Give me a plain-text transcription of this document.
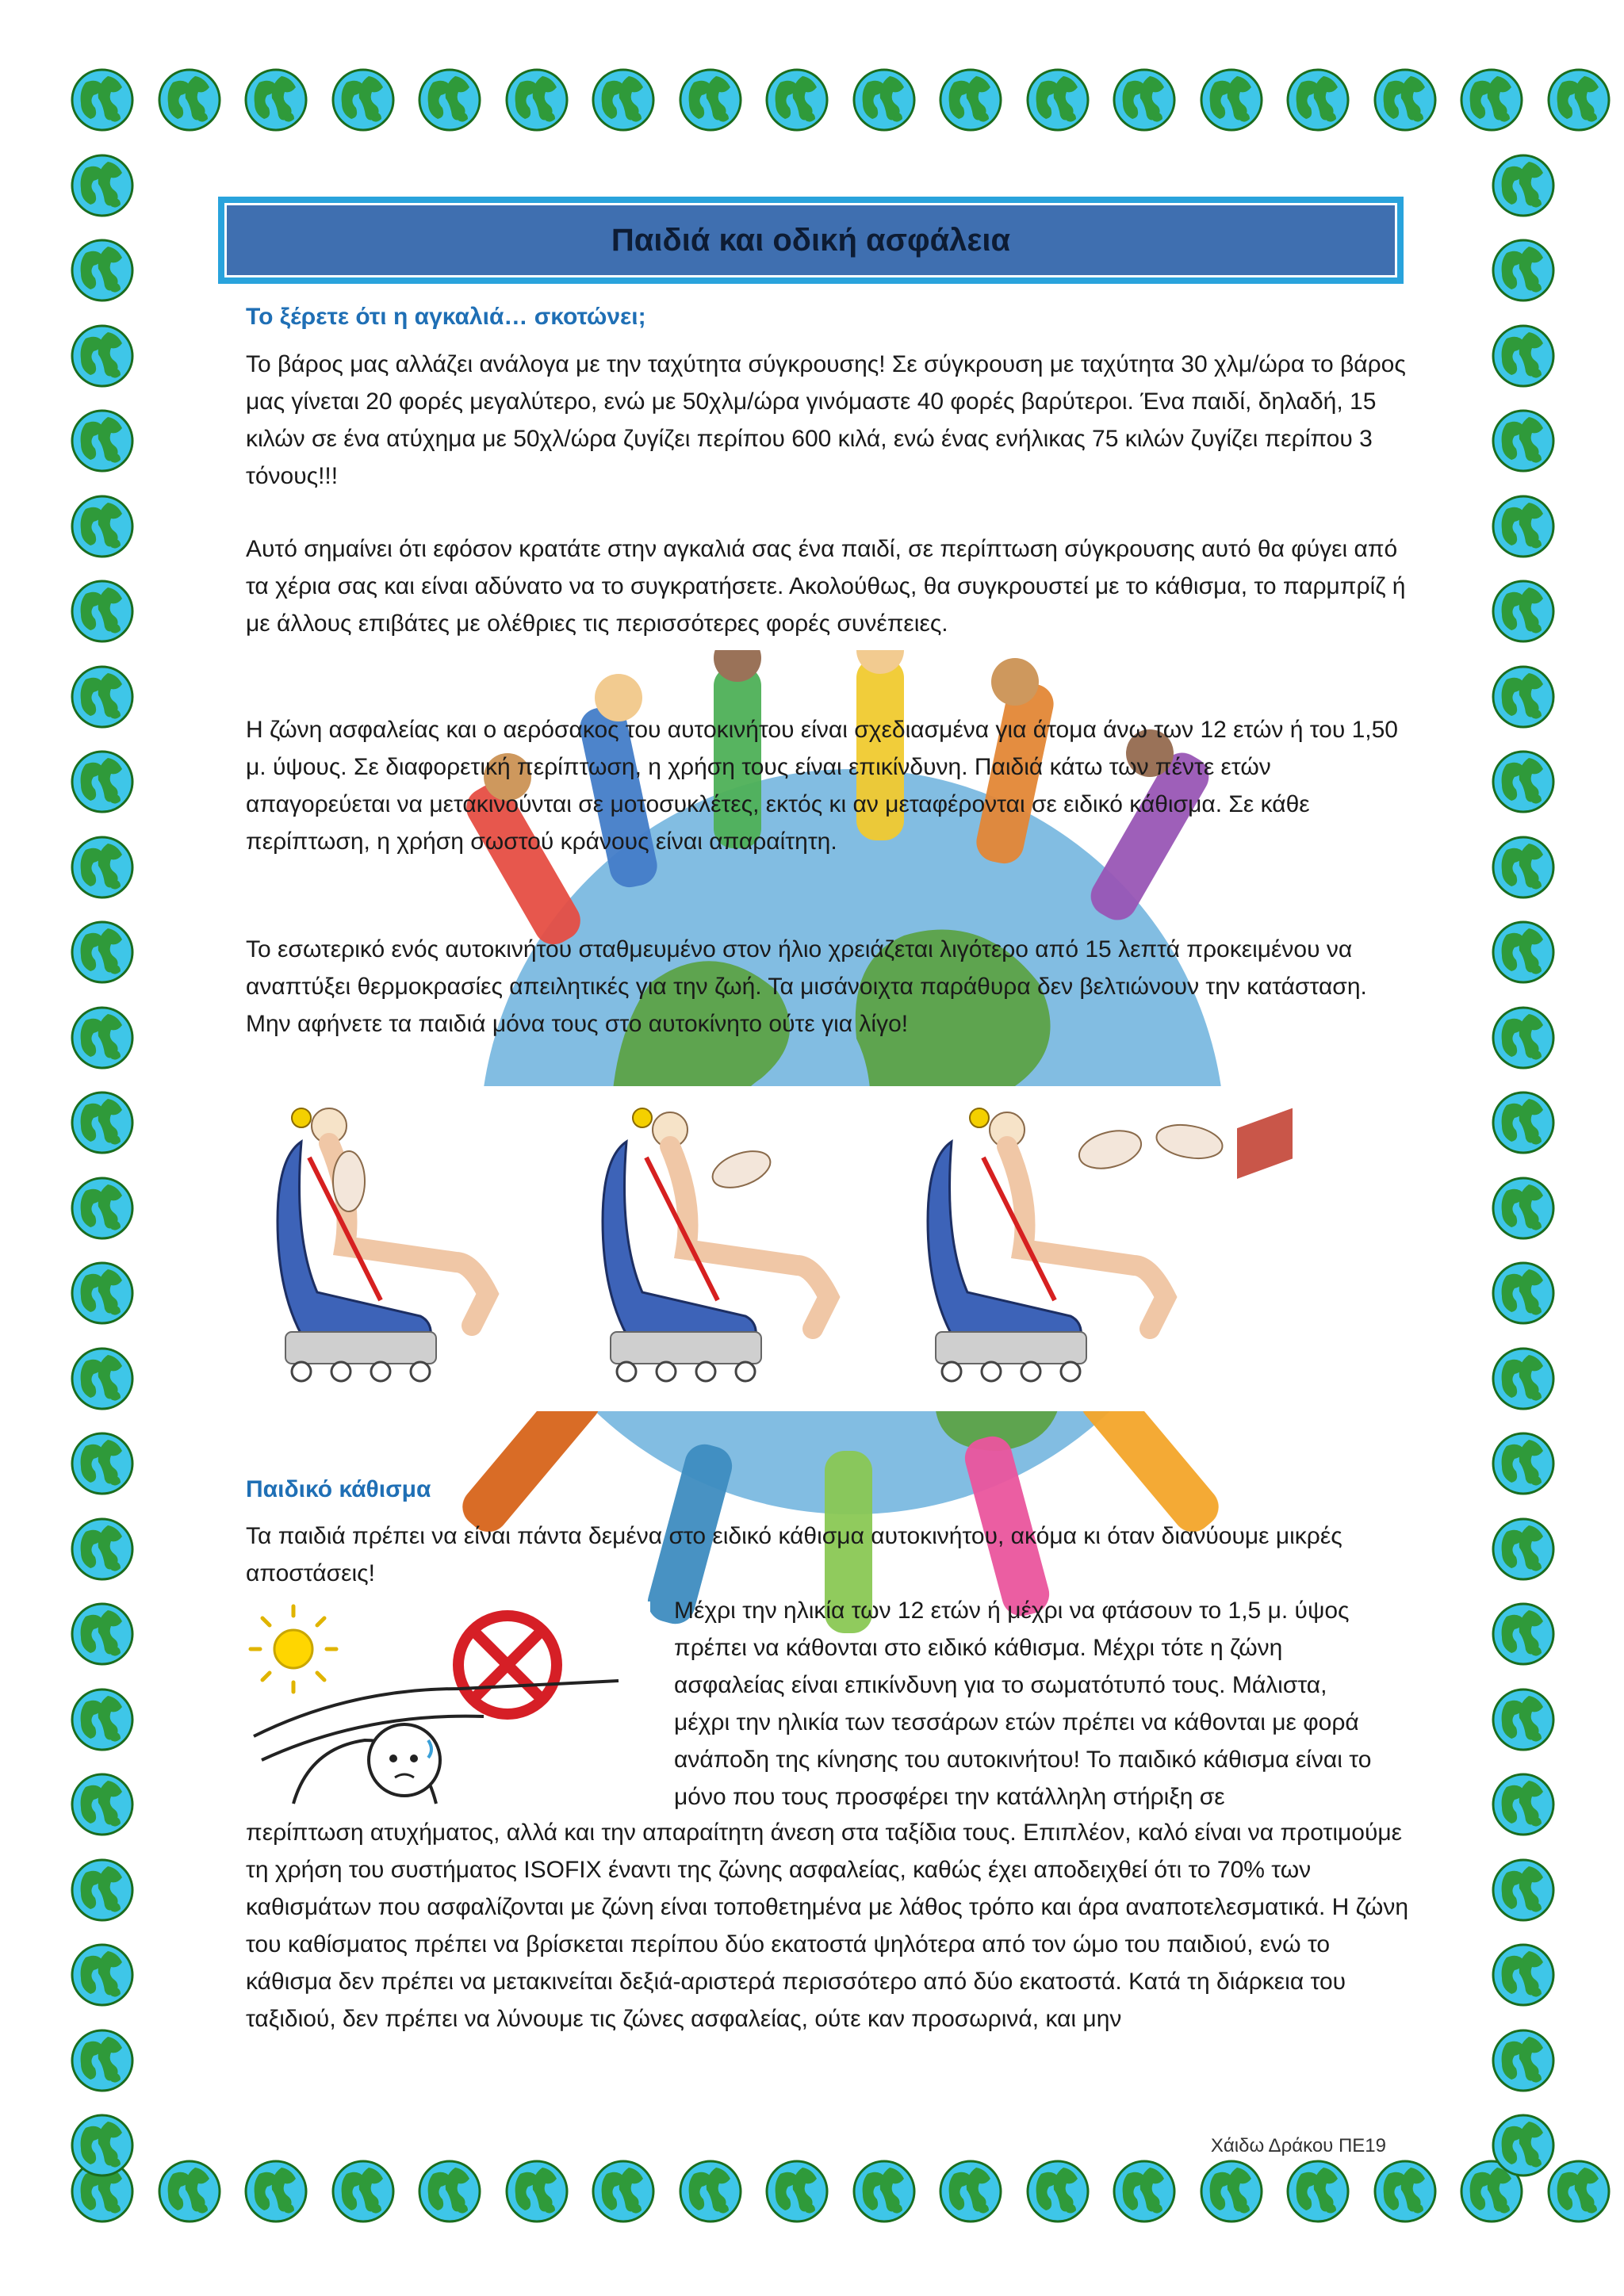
Παιδιά και οδική ασφάλεια
Το ξέρετε ότι η αγκαλιά… σκοτώνει;
Το βάρος μας αλλάζει ανάλογα με την ταχύτητα σύγκρουσης! Σε σύγκρουση με ταχύτητα 30 χλμ/ώρα το βάρος μας γίνεται 20 φορές μεγαλύτερο, ενώ με 50χλμ/ώρα γινόμαστε 40 φορές βαρύτεροι. Ένα παιδί, δηλαδή, 15 κιλών σε ένα ατύχημα με 50χλ/ώρα ζυγίζει περίπου 600 κιλά, ενώ ένας ενήλικας 75 κιλών ζυγίζει περίπου 3 τόνους!!!
Αυτό σημαίνει ότι εφόσον κρατάτε στην αγκαλιά σας ένα παιδί, σε περίπτωση σύγκρουσης αυτό θα φύγει από τα χέρια σας και είναι αδύνατο να το συγκρατήσετε. Ακολούθως, θα συγκρουστεί με το κάθισμα, το παρμπρίζ ή με άλλους επιβάτες με ολέθριες τις περισσότερες φορές συνέπειες.
Η ζώνη ασφαλείας και ο αερόσακος του αυτοκινήτου είναι σχεδιασμένα για άτομα άνω των 12 ετών ή του 1,50 μ. ύψους. Σε διαφορετική περίπτωση, η χρήση τους είναι επικίνδυνη. Παιδιά κάτω των πέντε ετών απαγορεύεται να μετακινούνται σε μοτοσυκλέτες, εκτός κι αν μεταφέρονται σε ειδικό κάθισμα. Σε κάθε περίπτωση, η χρήση σωστού κράνους είναι απαραίτητη.
Το εσωτερικό ενός αυτοκινήτου σταθμευμένο στον ήλιο χρειάζεται λιγότερο από 15 λεπτά προκειμένου να αναπτύξει θερμοκρασίες απειλητικές για την ζωή. Τα μισάνοιχτα παράθυρα δεν βελτιώνουν την κατάσταση. Μην αφήνετε τα παιδιά μόνα τους στο αυτοκίνητο ούτε για λίγο!
Παιδικό κάθισμα
Τα παιδιά πρέπει να είναι πάντα δεμένα στο ειδικό κάθισμα αυτοκινήτου, ακόμα κι όταν διανύουμε μικρές αποστάσεις!
Μέχρι την ηλικία των 12 ετών ή μέχρι να φτάσουν το 1,5 μ. ύψος πρέπει να κάθονται στο ειδικό κάθισμα. Μέχρι τότε η ζώνη ασφαλείας είναι επικίνδυνη για το σωματότυπό τους. Μάλιστα, μέχρι την ηλικία των τεσσάρων ετών πρέπει να κάθονται με φορά ανάποδη της κίνησης του αυτοκινήτου! Το παιδικό κάθισμα είναι το μόνο που τους προσφέρει την κατάλληλη στήριξη σε
περίπτωση ατυχήματος, αλλά και την απαραίτητη άνεση στα ταξίδια τους. Επιπλέον, καλό είναι να προτιμούμε τη χρήση του συστήματος ISOFIX έναντι της ζώνης ασφαλείας, καθώς έχει αποδειχθεί ότι το 70% των καθισμάτων που ασφαλίζονται με ζώνη είναι τοποθετημένα με λάθος τρόπο και άρα αναποτελεσματικά. Η ζώνη του καθίσματος πρέπει να βρίσκεται περίπου δύο εκατοστά ψηλότερα από τον ώμο του παιδιού, ενώ το κάθισμα δεν πρέπει να μετακινείται δεξιά-αριστερά περισσότερο από δύο εκατοστά. Κατά τη διάρκεια του ταξιδιού, δεν πρέπει να λύνουμε τις ζώνες ασφαλείας, ούτε καν προσωρινά, και μην
Χάιδω Δράκου ΠΕ19
